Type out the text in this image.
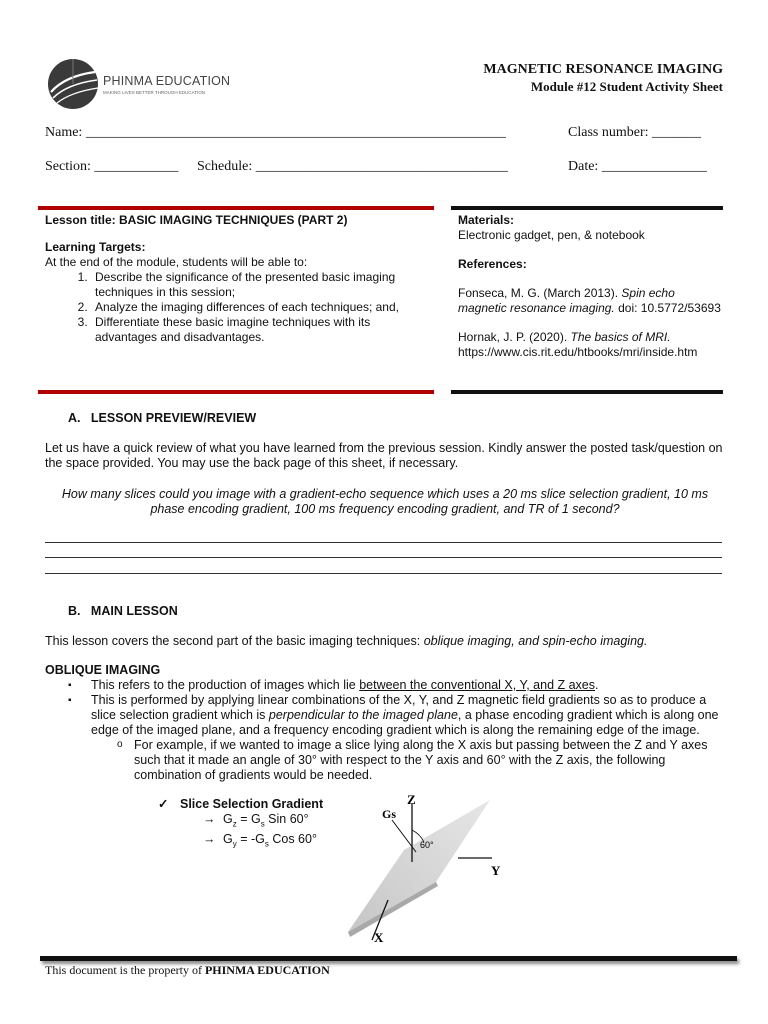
PHINMA EDUCATION
MAKING LIVES BETTER THROUGH EDUCATION
MAGNETIC RESONANCE IMAGING
Module #12 Student Activity Sheet
Name: ____________________________________________________________	Class number: _______
Section: ____________ Schedule: ____________________________________	Date: _______________
Lesson title: BASIC IMAGING TECHNIQUES (PART 2)
Learning Targets:
At the end of the module, students will be able to:
1. Describe the significance of the presented basic imaging techniques in this session;
2. Analyze the imaging differences of each techniques; and,
3. Differentiate these basic imagine techniques with its advantages and disadvantages.
Materials:
Electronic gadget, pen, & notebook
References:
Fonseca, M. G. (March 2013). Spin echo magnetic resonance imaging. doi: 10.5772/53693
Hornak, J. P. (2020). The basics of MRI.
https://www.cis.rit.edu/htbooks/mri/inside.htm
A.   LESSON PREVIEW/REVIEW
Let us have a quick review of what you have learned from the previous session. Kindly answer the posted task/question on the space provided. You may use the back page of this sheet, if necessary.
How many slices could you image with a gradient-echo sequence which uses a 20 ms slice selection gradient, 10 ms phase encoding gradient, 100 ms frequency encoding gradient, and TR of 1 second?
B.   MAIN LESSON
This lesson covers the second part of the basic imaging techniques: oblique imaging, and spin-echo imaging.
OBLIQUE IMAGING
▪ This refers to the production of images which lie between the conventional X, Y, and Z axes.
▪ This is performed by applying linear combinations of the X, Y, and Z magnetic field gradients so as to produce a slice selection gradient which is perpendicular to the imaged plane, a phase encoding gradient which is along one edge of the imaged plane, and a frequency encoding gradient which is along the remaining edge of the image.
o For example, if we wanted to image a slice lying along the X axis but passing between the Z and Y axes such that it made an angle of 30° with respect to the Y axis and 60° with the Z axis, the following combination of gradients would be needed.
✓ Slice Selection Gradient
→ $G_z = G_s$ Sin 60°
→ $G_y = -G_s$ Cos 60°
Z
Y
X
Gs
60°
This document is the property of PHINMA EDUCATION
